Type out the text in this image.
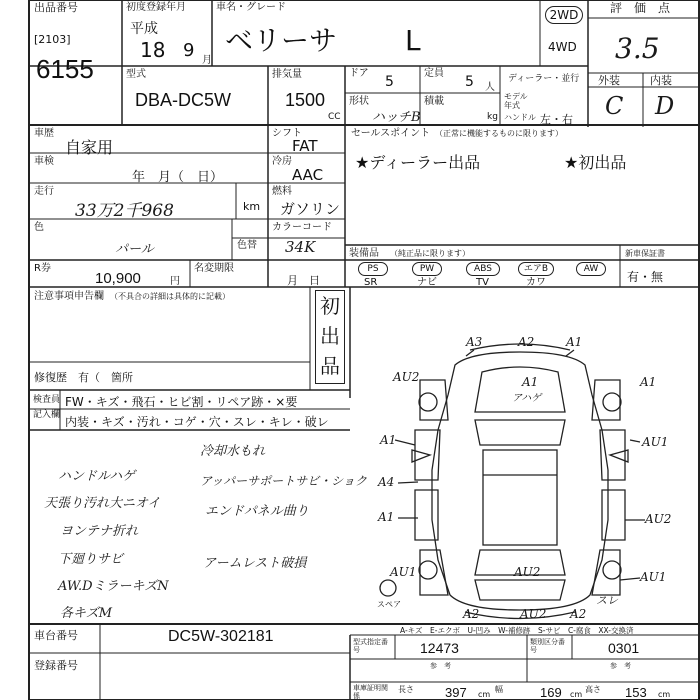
出品番号
[2103]
6155
初度登録年月
平成
18 9 月
車名・グレード
ベリーサ L
2WD
4WD
評　価　点
3.5
型式
DBA-DC5W
排気量
1500
CC
ドア
5
形状
ハッチB
定員
5 人
積載
kg
ディーラー・並行
モデル年式
ハンドル 左・右
外装	内装
C D
車歴
自家用
車検
年　月（　日）
走行
33万2千968	km
色
パール	色替
カラーコード
34K
シフト
FAT
冷房
AAC
燃料
ガソリン
R券
10,900	円
名変期限
月　日
セールスポイント （正常に機能するものに限ります）
★ディーラー出品	★初出品
装備品 （純正品に限ります）
PS	PW	ABS	エアB	AW
SR	ナビ	TV	カワ
新車保証書
有・無
注意事項申告欄 （不具合の詳細は具体的に記載）	初
出
品
修復歴　有（　箇所
検査員
記入欄
FW・キズ・飛石・ヒビ割・リペア跡・×要
内装・キズ・汚れ・コゲ・穴・スレ・キレ・破レ
ハンドルハゲ
天張り汚れ大ニオイ
ヨンテナ折れ
下廻りサビ
AW.DミラーキズN
各キズM
冷却水もれ
アッパーサポートサビ・ショク
エンドパネル曲り
アームレスト破損
A3	A2	A1
AU2	A1
A1
アハゲ
A1	AU1
A4
A1	AU2
AU1	AU2	AU1
A2	AU2 A2
スペア	スレ
A-キズ　E-エクボ　U-凹み　W-補修跡　S-サビ　C-腐食　XX-交換済
車台番号	DC5W-302181
登録番号
型式指定番号	12473	類別区分番号	0301
参　考	参　考
車庫証明関係
長さ 397 cm
幅	169 cm
高さ 153 cm
